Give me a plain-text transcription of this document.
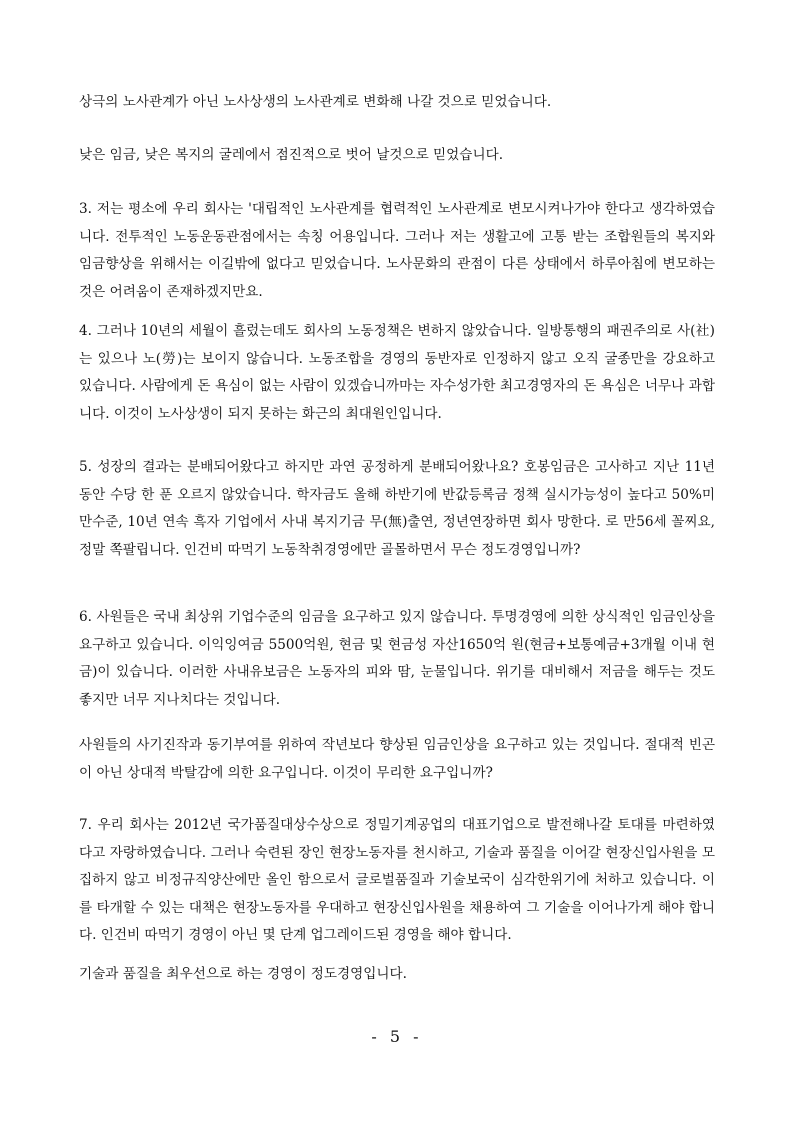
상극의 노사관계가 아닌 노사상생의 노사관계로 변화해 나갈 것으로 믿었습니다.

낮은 임금, 낮은 복지의 굴레에서 점진적으로 벗어 날것으로 믿었습니다.

3. 저는 평소에 우리 회사는 '대립적인 노사관계를 협력적인 노사관계로 변모시켜나가야 한다고 생각하였습니다. 전투적인 노동운동관점에서는 속칭 어용입니다. 그러나 저는 생활고에 고통 받는 조합원들의 복지와 임금향상을 위해서는 이길밖에 없다고 믿었습니다. 노사문화의 관점이 다른 상태에서 하루아침에 변모하는 것은 어려움이 존재하겠지만요.

4. 그러나 10년의 세월이 흘렀는데도 회사의 노동정책은 변하지 않았습니다. 일방통행의 패권주의로 사(社)는 있으나 노(勞)는 보이지 않습니다. 노동조합을 경영의 동반자로 인정하지 않고 오직 굴종만을 강요하고 있습니다. 사람에게 돈 욕심이 없는 사람이 있겠습니까마는 자수성가한 최고경영자의 돈 욕심은 너무나 과합니다. 이것이 노사상생이 되지 못하는 화근의 최대원인입니다.

5. 성장의 결과는 분배되어왔다고 하지만 과연 공정하게 분배되어왔나요? 호봉임금은 고사하고 지난 11년 동안 수당 한 푼 오르지 않았습니다. 학자금도 올해 하반기에 반값등록금 정책 실시가능성이 높다고 50%미만수준, 10년 연속 흑자 기업에서 사내 복지기금 무(無)출연, 정년연장하면 회사 망한다. 로 만56세 꼴찌요, 정말 쪽팔립니다. 인건비 따먹기 노동착취경영에만 골몰하면서 무슨 정도경영입니까?

6. 사원들은 국내 최상위 기업수준의 임금을 요구하고 있지 않습니다. 투명경영에 의한 상식적인 임금인상을 요구하고 있습니다. 이익잉여금 5500억원, 현금 및 현금성 자산1650억 원(현금+보통예금+3개월 이내 현금)이 있습니다. 이러한 사내유보금은 노동자의 피와 땀, 눈물입니다. 위기를 대비해서 저금을 해두는 것도 좋지만 너무 지나치다는 것입니다.

사원들의 사기진작과 동기부여를 위하여 작년보다 향상된 임금인상을 요구하고 있는 것입니다. 절대적 빈곤이 아닌 상대적 박탈감에 의한 요구입니다. 이것이 무리한 요구입니까?

7. 우리 회사는 2012년 국가품질대상수상으로 정밀기계공업의 대표기업으로 발전해나갈 토대를 마련하였다고 자랑하였습니다. 그러나 숙련된 장인 현장노동자를 천시하고, 기술과 품질을 이어갈 현장신입사원을 모집하지 않고 비정규직양산에만 올인 함으로서 글로벌품질과 기술보국이 심각한위기에 처하고 있습니다. 이를 타개할 수 있는 대책은 현장노동자를 우대하고 현장신입사원을 채용하여 그 기술을 이어나가게 해야 합니다. 인건비 따먹기 경영이 아닌 몇 단계 업그레이드된 경영을 해야 합니다.

기술과 품질을 최우선으로 하는 경영이 정도경영입니다.

- 5 -
